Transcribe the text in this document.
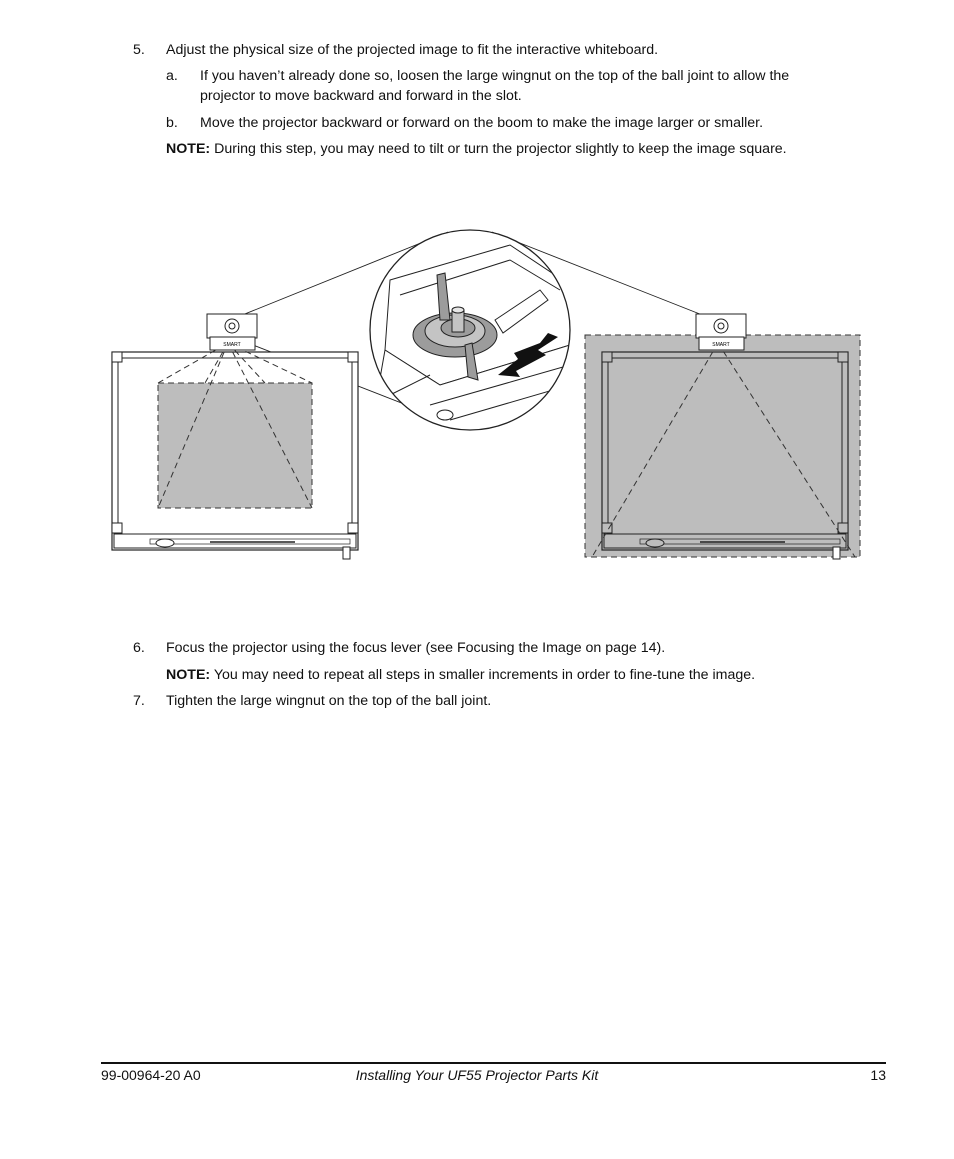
5. Adjust the physical size of the projected image to fit the interactive whiteboard.
a. If you haven’t already done so, loosen the large wingnut on the top of the ball joint to allow the
projector to move backward and forward in the slot.
b. Move the projector backward or forward on the boom to make the image larger or smaller.
NOTE: During this step, you may need to tilt or turn the projector slightly to keep the image square.
SMART	SMART
6. Focus the projector using the focus lever (see Focusing the Image on page 14).
NOTE: You may need to repeat all steps in smaller increments in order to fine-tune the image.
7. Tighten the large wingnut on the top of the ball joint.
99-00964-20 A0	Installing Your UF55 Projector Parts Kit	13
